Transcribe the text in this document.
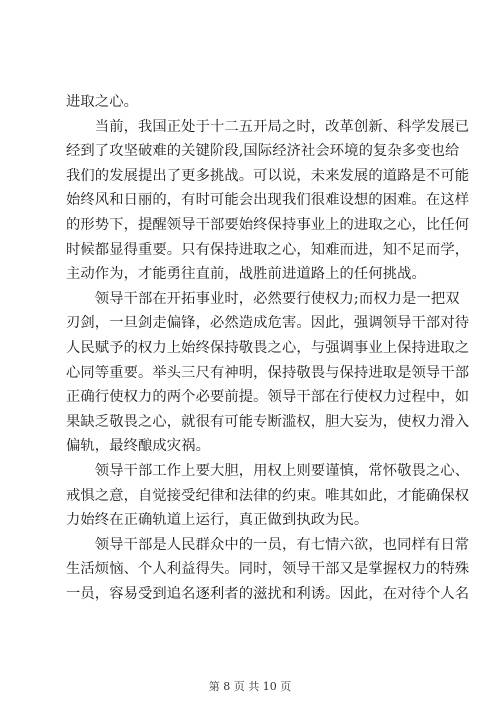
进取之心。

　　当前，我国正处于十二五开局之时，改革创新、科学发展已
经到了攻坚破难的关键阶段,国际经济社会环境的复杂多变也给
我们的发展提出了更多挑战。可以说，未来发展的道路是不可能
始终风和日丽的，有时可能会出现我们很难设想的困难。在这样
的形势下，提醒领导干部要始终保持事业上的进取之心，比任何
时候都显得重要。只有保持进取之心，知难而进，知不足而学，
主动作为，才能勇往直前，战胜前进道路上的任何挑战。

　　领导干部在开拓事业时，必然要行使权力;而权力是一把双
刃剑，一旦剑走偏锋，必然造成危害。因此，强调领导干部对待
人民赋予的权力上始终保持敬畏之心，与强调事业上保持进取之
心同等重要。举头三尺有神明，保持敬畏与保持进取是领导干部
正确行使权力的两个必要前提。领导干部在行使权力过程中，如
果缺乏敬畏之心，就很有可能专断滥权，胆大妄为，使权力滑入
偏轨，最终酿成灾祸。

　　领导干部工作上要大胆，用权上则要谨慎，常怀敬畏之心、
戒惧之意，自觉接受纪律和法律的约束。唯其如此，才能确保权
力始终在正确轨道上运行，真正做到执政为民。

　　领导干部是人民群众中的一员，有七情六欲，也同样有日常
生活烦恼、个人利益得失。同时，领导干部又是掌握权力的特殊
一员，容易受到追名逐利者的滋扰和利诱。因此，在对待个人名

第 8 页 共 10 页
